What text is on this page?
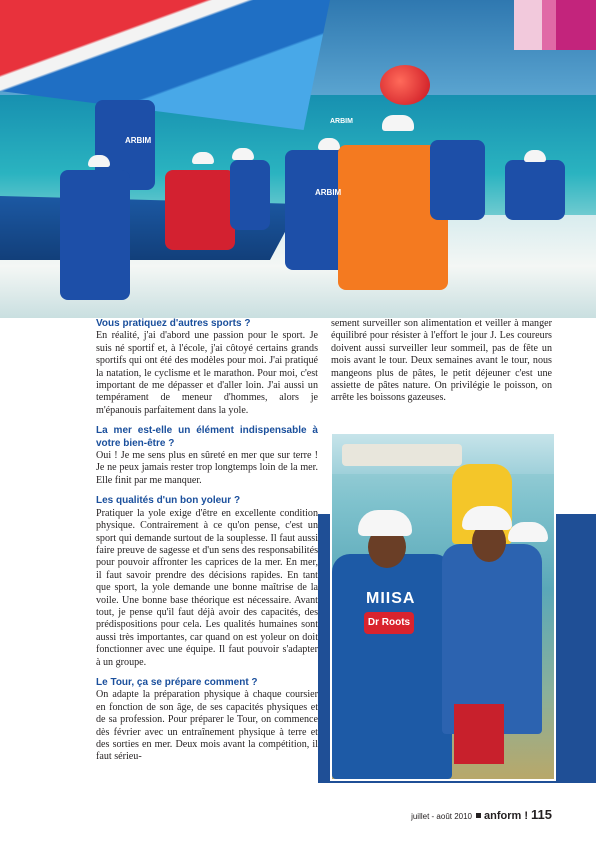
ARBIM
ARBIM
ARBIM
MIISA
Dr Roots

Vous pratiquez d'autres sports ?

En réalité, j'ai d'abord une passion pour le sport. Je suis né sportif et, à l'école, j'ai côtoyé certains grands sportifs qui ont été des modèles pour moi. J'ai pratiqué la natation, le cyclisme et le marathon. Pour moi, c'est important de me dépasser et d'aller loin. J'ai aussi un tempérament de meneur d'hommes, alors je m'épanouis parfaitement dans la yole.

La mer est-elle un élément indispensable à votre bien-être ?

Oui ! Je me sens plus en sûreté en mer que sur terre ! Je ne peux jamais rester trop longtemps loin de la mer. Elle finit par me manquer.

Les qualités d'un bon yoleur ?

Pratiquer la yole exige d'être en excellente condition physique. Contrairement à ce qu'on pense, c'est un sport qui demande surtout de la souplesse. Il faut aussi faire preuve de sagesse et d'un sens des responsabilités pour pouvoir affronter les caprices de la mer. En mer, il faut savoir prendre des décisions rapides. En tant que sport, la yole demande une bonne maîtrise de la voile. Une bonne base théorique est nécessaire. Avant tout, je pense qu'il faut déjà avoir des capacités, des prédispositions pour cela. Les qualités humaines sont aussi très importantes, car quand on est yoleur on doit fonctionner avec une équipe. Il faut pouvoir s'adapter à un groupe.

Le Tour, ça se prépare comment ?

On adapte la préparation physique à chaque coursier en fonction de son âge, de ses capacités physiques et de sa profession. Pour préparer le Tour, on commence dès février avec un entraînement physique à terre et des sorties en mer. Deux mois avant la compétition, il faut sérieu-

sement surveiller son alimentation et veiller à manger équilibré pour résister à l'effort le jour J. Les coureurs doivent aussi surveiller leur sommeil, pas de fête un mois avant le tour. Deux semaines avant le tour, nous mangeons plus de pâtes, le petit déjeuner c'est une assiette de pâtes nature. On privilégie le poisson, on arrête les boissons gazeuses.

juillet - août 2010 anform ! 115
